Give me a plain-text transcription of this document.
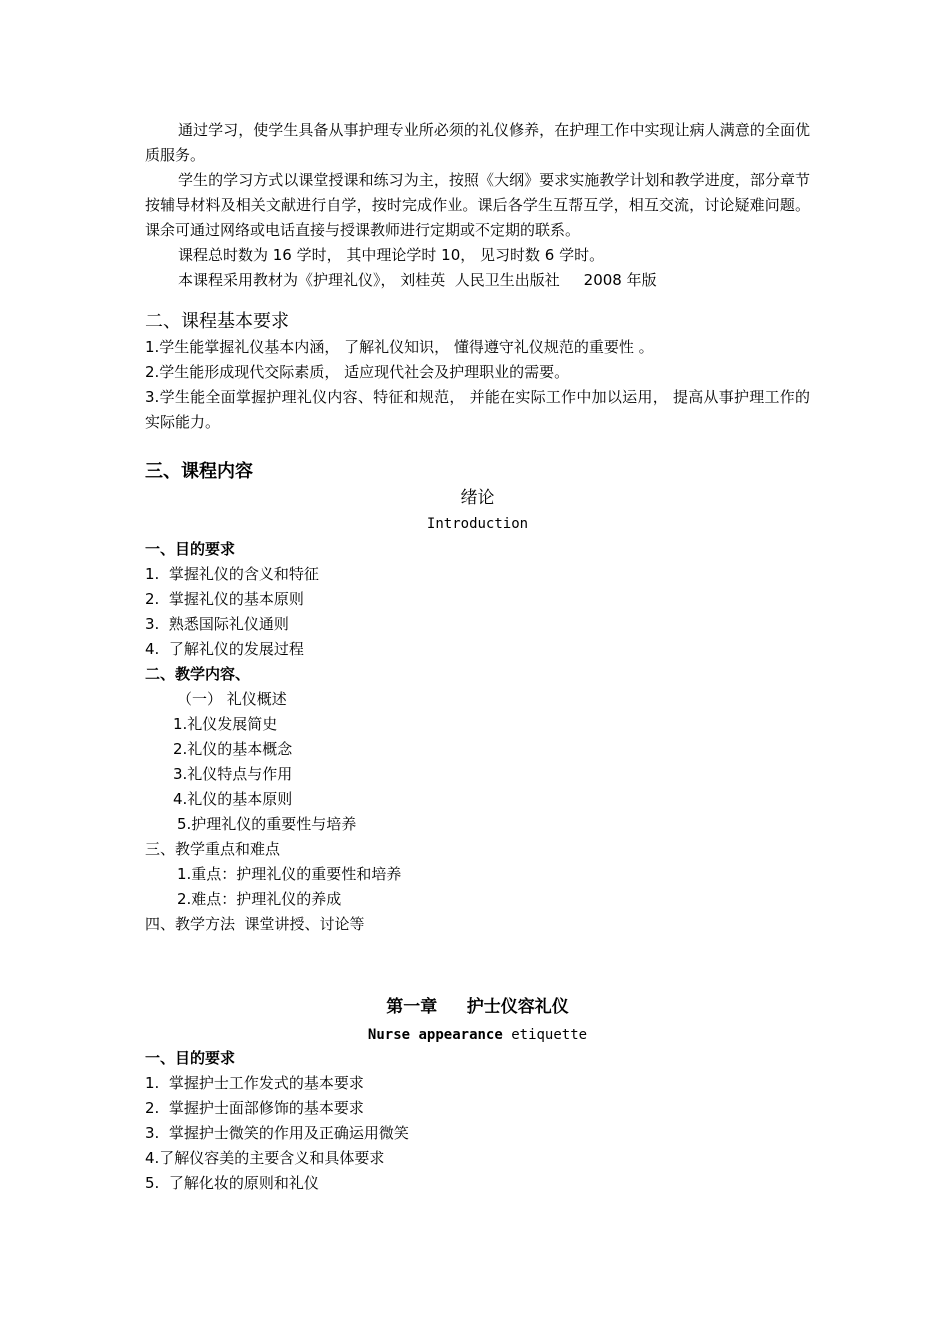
通过学习，使学生具备从事护理专业所必须的礼仪修养，在护理工作中实现让病人满意的全面优质服务。

学生的学习方式以课堂授课和练习为主，按照《大纲》要求实施教学计划和教学进度，部分章节按辅导材料及相关文献进行自学，按时完成作业。课后各学生互帮互学，相互交流，讨论疑难问题。课余可通过网络或电话直接与授课教师进行定期或不定期的联系。

课程总时数为 16 学时， 其中理论学时 10， 见习时数 6 学时。

本课程采用教材为《护理礼仪》， 刘桂英  人民卫生出版社     2008 年版

二、课程基本要求

1.学生能掌握礼仪基本内涵， 了解礼仪知识， 懂得遵守礼仪规范的重要性 。

2.学生能形成现代交际素质， 适应现代社会及护理职业的需要。

3.学生能全面掌握护理礼仪内容、特征和规范， 并能在实际工作中加以运用， 提高从事护理工作的实际能力。

三、课程内容

绪论

Introduction

一、目的要求

1.  掌握礼仪的含义和特征

2.  掌握礼仪的基本原则

3.  熟悉国际礼仪通则

4.  了解礼仪的发展过程

二、教学内容、

（一） 礼仪概述

1.礼仪发展简史

2.礼仪的基本概念

3.礼仪特点与作用

4.礼仪的基本原则

5.护理礼仪的重要性与培养

三、教学重点和难点

1.重点：护理礼仪的重要性和培养

2.难点：护理礼仪的养成

四、教学方法  课堂讲授、讨论等

第一章     护士仪容礼仪

Nurse appearance etiquette

一、目的要求

1.  掌握护士工作发式的基本要求

2.  掌握护士面部修饰的基本要求

3.  掌握护士微笑的作用及正确运用微笑

4.了解仪容美的主要含义和具体要求

5.  了解化妆的原则和礼仪
